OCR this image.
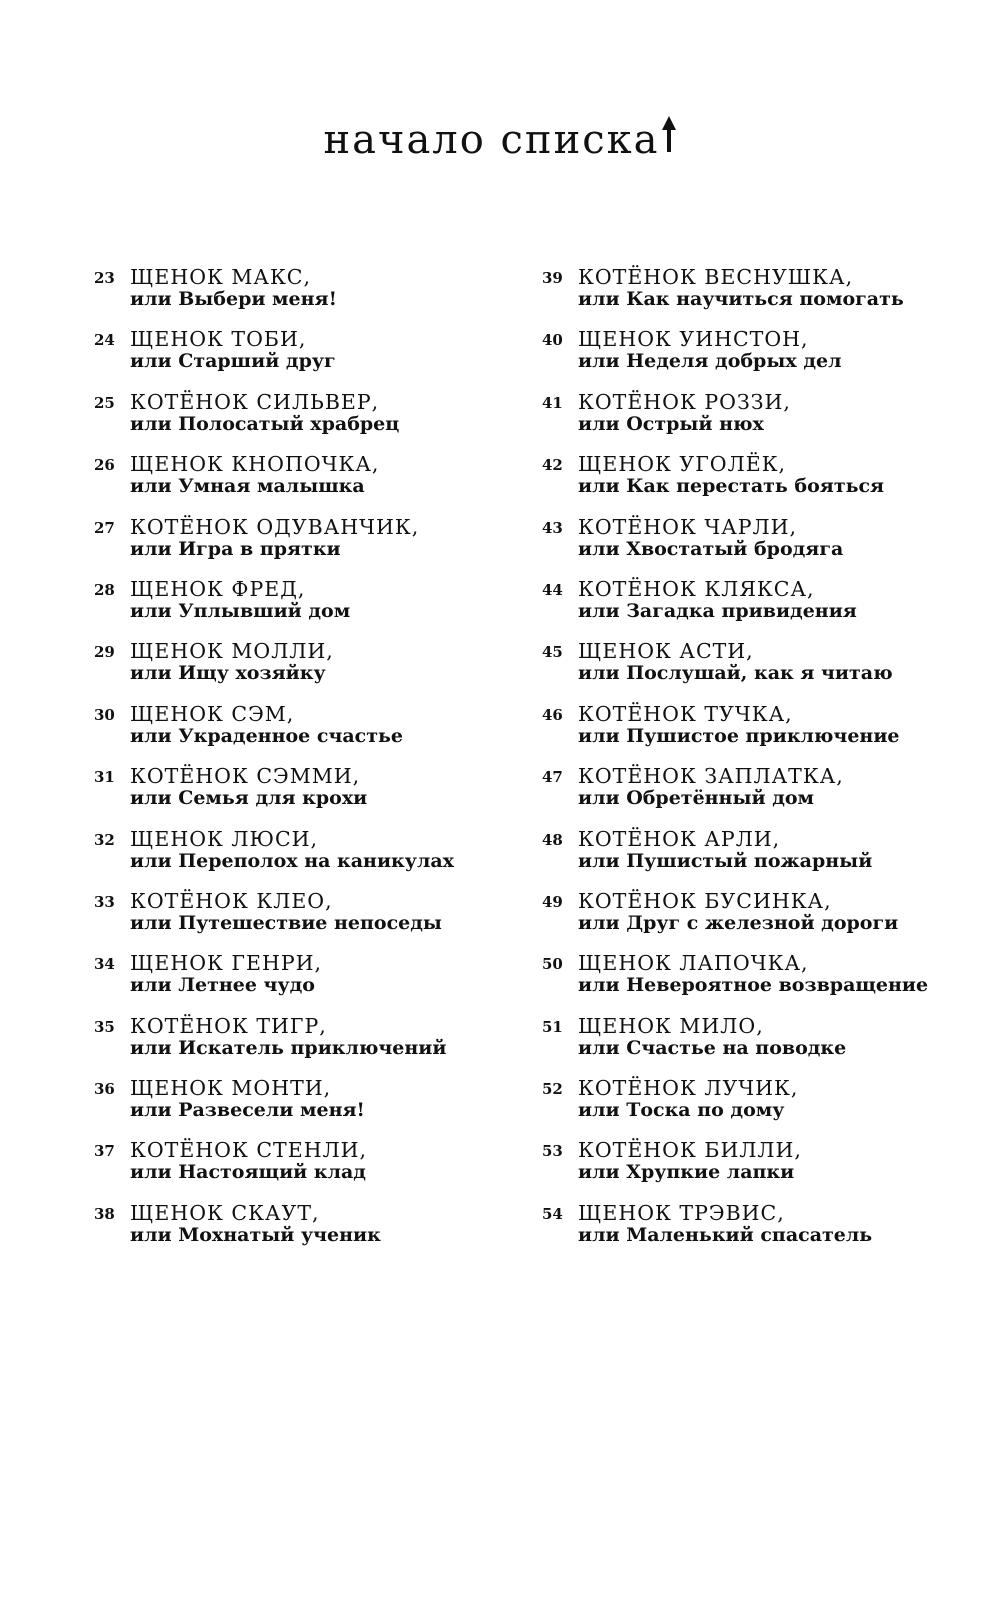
начало списка
23 ЩЕНОК МАКС,
или Выбери меня!
24 ЩЕНОК ТОБИ,
или Старший друг
25 КОТЁНОК СИЛЬВЕР,
или Полосатый храбрец
26 ЩЕНОК КНОПОЧКА,
или Умная малышка
27 КОТЁНОК ОДУВАНЧИК,
или Игра в прятки
28 ЩЕНОК ФРЕД,
или Уплывший дом
29 ЩЕНОК МОЛЛИ,
или Ищу хозяйку
30 ЩЕНОК СЭМ,
или Украденное счастье
31 КОТЁНОК СЭММИ,
или Семья для крохи
32 ЩЕНОК ЛЮСИ,
или Переполох на каникулах
33 КОТЁНОК КЛЕО,
или Путешествие непоседы
34 ЩЕНОК ГЕНРИ,
или Летнее чудо
35 КОТЁНОК ТИГР,
или Искатель приключений
36 ЩЕНОК МОНТИ,
или Развесели меня!
37 КОТЁНОК СТЕНЛИ,
или Настоящий клад
38 ЩЕНОК СКАУТ,
или Мохнатый ученик
39 КОТЁНОК ВЕСНУШКА,
или Как научиться помогать
40 ЩЕНОК УИНСТОН,
или Неделя добрых дел
41 КОТЁНОК РОЗЗИ,
или Острый нюх
42 ЩЕНОК УГОЛЁК,
или Как перестать бояться
43 КОТЁНОК ЧАРЛИ,
или Хвостатый бродяга
44 КОТЁНОК КЛЯКСА,
или Загадка привидения
45 ЩЕНОК АСТИ,
или Послушай, как я читаю
46 КОТЁНОК ТУЧКА,
или Пушистое приключение
47 КОТЁНОК ЗАПЛАТКА,
или Обретённый дом
48 КОТЁНОК АРЛИ,
или Пушистый пожарный
49 КОТЁНОК БУСИНКА,
или Друг с железной дороги
50 ЩЕНОК ЛАПОЧКА,
или Невероятное возвращение
51 ЩЕНОК МИЛО,
или Счастье на поводке
52 КОТЁНОК ЛУЧИК,
или Тоска по дому
53 КОТЁНОК БИЛЛИ,
или Хрупкие лапки
54 ЩЕНОК ТРЭВИС,
или Маленький спасатель
